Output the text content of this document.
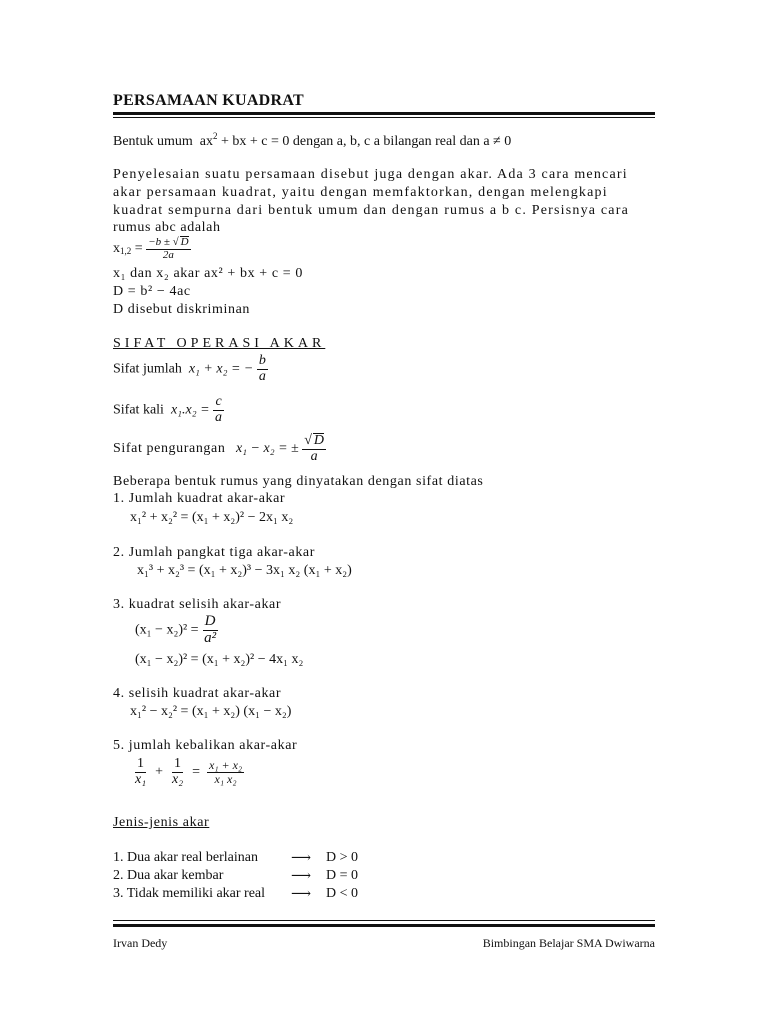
PERSAMAAN KUADRAT
Bentuk umum $ax^2$ + bx + c = 0 dengan a, b, c a bilangan real dan a ≠ 0
Penyelesaian suatu persamaan disebut juga dengan akar. Ada 3 cara mencari
akar persamaan kuadrat, yaitu dengan memfaktorkan, dengan melengkapi
kuadrat sempurna dari bentuk umum dan dengan rumus a b c. Persisnya cara
rumus abc adalah
$x_{1,2} = \frac{-b \pm √ D}{2a}$
x₁ dan x₂ akar ax² + bx + c = 0
D = b² − 4ac
D disebut diskriminan
SIFAT OPERASI AKAR
Sifat jumlah x₁ + x₂ = − $\frac{b}{a}$
Sifat kali $x_1.x_2 = \frac{c}{a}$
Sifat pengurangan x₁ − x₂ = ± $\frac{√ D}{a}$
Beberapa bentuk rumus yang dinyatakan dengan sifat diatas
1. Jumlah kuadrat akar-akar
x₁² + x₂² = (x₁ + x₂)² − 2x₁ x₂
2. Jumlah pangkat tiga akar-akar
x₁³ + x₂³ = (x₁ + x₂)³ − 3x₁ x₂ (x₁ + x₂)
3. kuadrat selisih akar-akar
$(x_1 - x_2)^2 = \frac{D}{\text{a²}}$
(x₁ − x₂)² = (x₁ + x₂)² − 4x₁ x₂
4. selisih kuadrat akar-akar
x₁² − x₂² = (x₁ + x₂) (x₁ − x₂)
5. jumlah kebalikan akar-akar
$\frac{1}{\text{x₁}} + \frac{1}{\text{x₂}} = \frac{\text{x₁ + x₂}}{\text{x₁ x₂}}$
Jenis-jenis akar
1. Dua akar real berlainan ⟶ D > 0
2. Dua akar kembar	⟶ D = 0
3. Tidak memiliki akar real ⟶ D < 0
Irvan Dedy	Bimbingan Belajar SMA Dwiwarna
